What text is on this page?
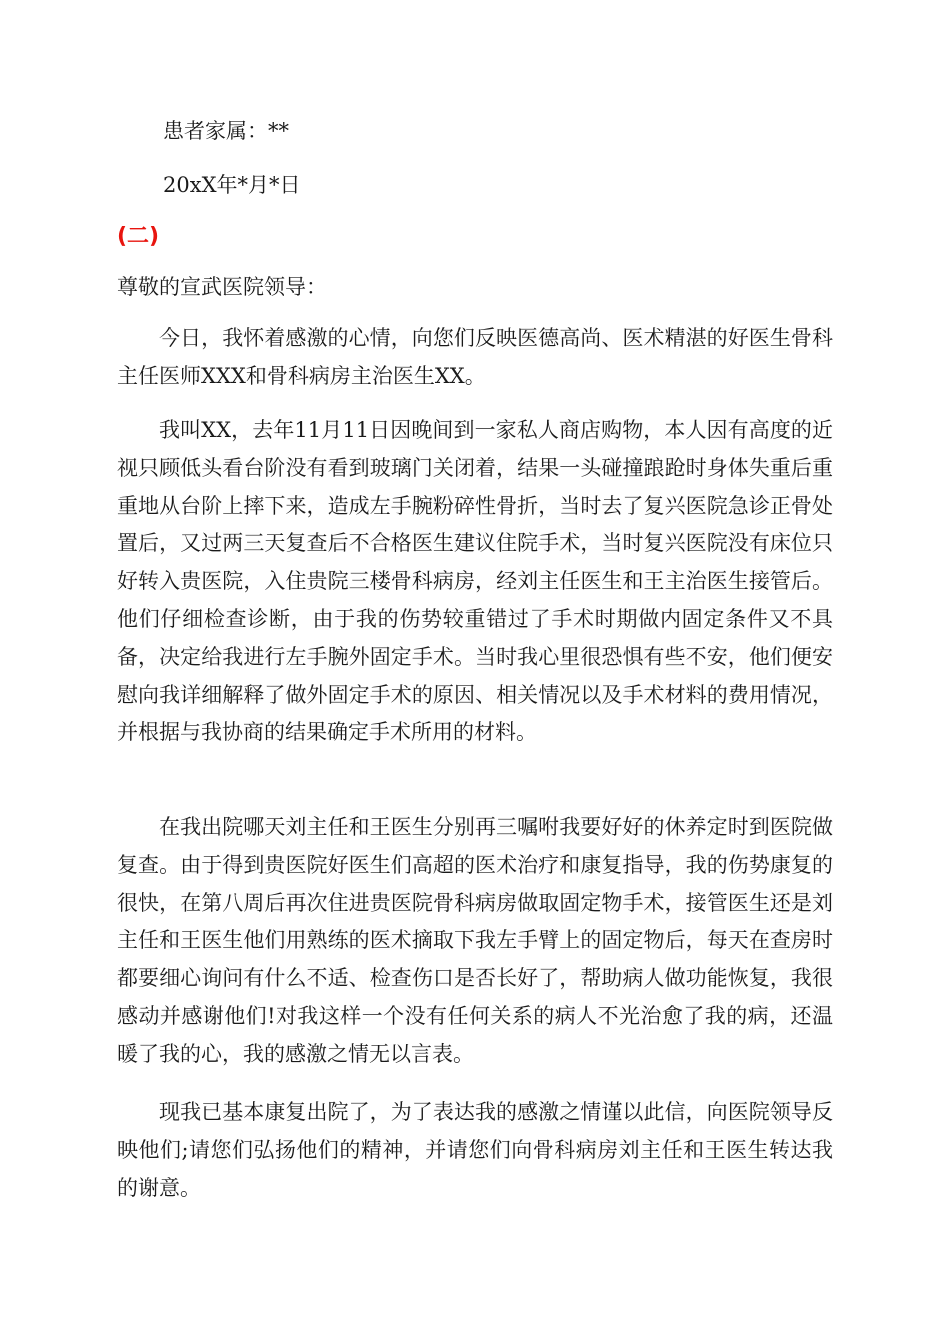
患者家属：**
20xX年*月*日
(二)
尊敬的宣武医院领导：

今日，我怀着感激的心情，向您们反映医德高尚、医术精湛的好医生骨科主任医师XXX和骨科病房主治医生XX。

我叫XX，去年11月11日因晚间到一家私人商店购物，本人因有高度的近视只顾低头看台阶没有看到玻璃门关闭着，结果一头碰撞踉跄时身体失重后重重地从台阶上摔下来，造成左手腕粉碎性骨折，当时去了复兴医院急诊正骨处置后，又过两三天复查后不合格医生建议住院手术，当时复兴医院没有床位只好转入贵医院，入住贵院三楼骨科病房，经刘主任医生和王主治医生接管后。他们仔细检查诊断，由于我的伤势较重错过了手术时期做内固定条件又不具备，决定给我进行左手腕外固定手术。当时我心里很恐惧有些不安，他们便安慰向我详细解释了做外固定手术的原因、相关情况以及手术材料的费用情况，并根据与我协商的结果确定手术所用的材料。

在我出院哪天刘主任和王医生分别再三嘱咐我要好好的休养定时到医院做复查。由于得到贵医院好医生们高超的医术治疗和康复指导，我的伤势康复的很快，在第八周后再次住进贵医院骨科病房做取固定物手术，接管医生还是刘主任和王医生他们用熟练的医术摘取下我左手臂上的固定物后，每天在查房时都要细心询问有什么不适、检查伤口是否长好了，帮助病人做功能恢复，我很感动并感谢他们!对我这样一个没有任何关系的病人不光治愈了我的病，还温暖了我的心，我的感激之情无以言表。

现我已基本康复出院了，为了表达我的感激之情谨以此信，向医院领导反映他们;请您们弘扬他们的精神，并请您们向骨科病房刘主任和王医生转达我的谢意。
